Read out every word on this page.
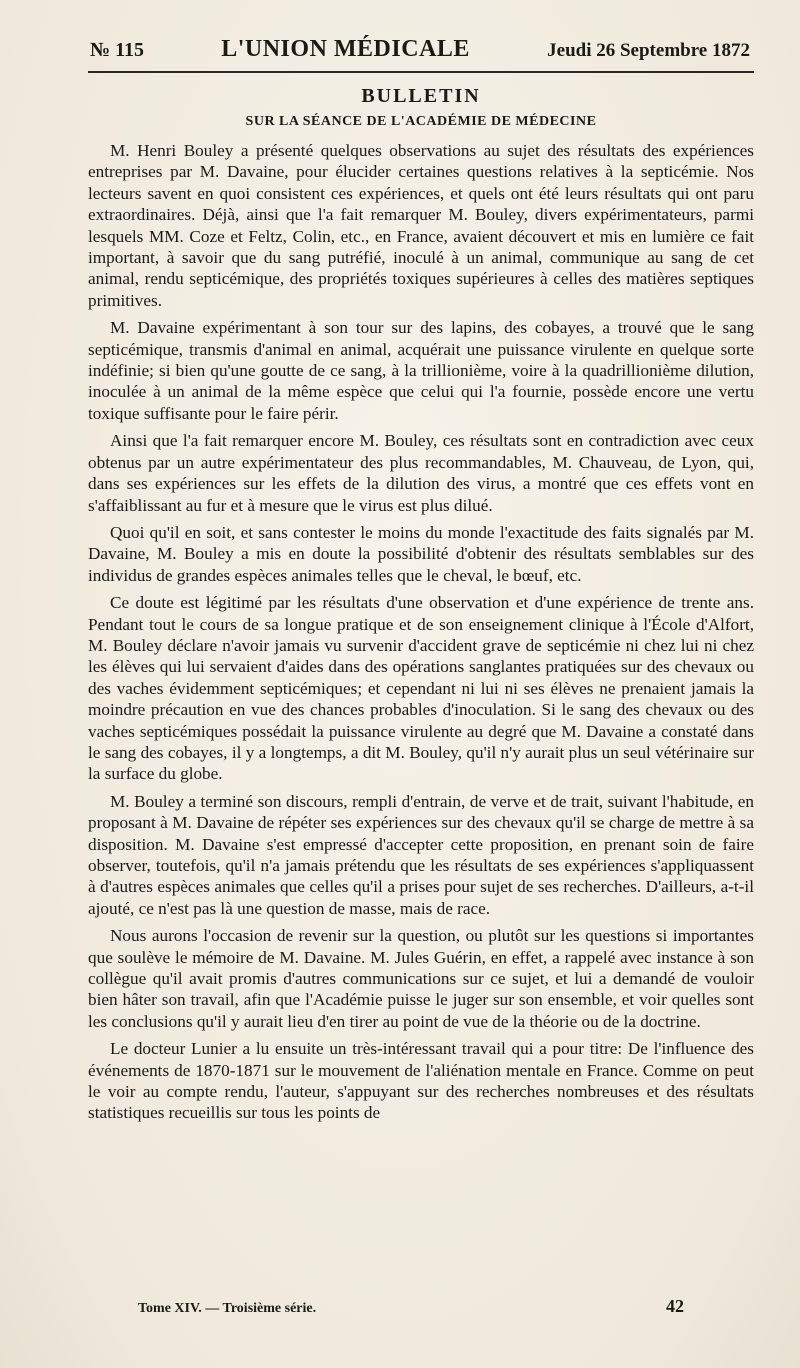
№ 115	L'UNION MÉDICALE	Jeudi 26 Septembre 1872
BULLETIN
SUR LA SÉANCE DE L'ACADÉMIE DE MÉDECINE

M. Henri Bouley a présenté quelques observations au sujet des résultats des expériences entreprises par M. Davaine, pour élucider certaines questions relatives à la septicémie. Nos lecteurs savent en quoi consistent ces expériences, et quels ont été leurs résultats qui ont paru extraordinaires. Déjà, ainsi que l'a fait remarquer M. Bouley, divers expérimentateurs, parmi lesquels MM. Coze et Feltz, Colin, etc., en France, avaient découvert et mis en lumière ce fait important, à savoir que du sang putréfié, inoculé à un animal, communique au sang de cet animal, rendu septicémique, des propriétés toxiques supérieures à celles des matières septiques primitives.

M. Davaine expérimentant à son tour sur des lapins, des cobayes, a trouvé que le sang septicémique, transmis d'animal en animal, acquérait une puissance virulente en quelque sorte indéfinie; si bien qu'une goutte de ce sang, à la trillionième, voire à la quadrillionième dilution, inoculée à un animal de la même espèce que celui qui l'a fournie, possède encore une vertu toxique suffisante pour le faire périr.

Ainsi que l'a fait remarquer encore M. Bouley, ces résultats sont en contradiction avec ceux obtenus par un autre expérimentateur des plus recommandables, M. Chauveau, de Lyon, qui, dans ses expériences sur les effets de la dilution des virus, a montré que ces effets vont en s'affaiblissant au fur et à mesure que le virus est plus dilué.

Quoi qu'il en soit, et sans contester le moins du monde l'exactitude des faits signalés par M. Davaine, M. Bouley a mis en doute la possibilité d'obtenir des résultats semblables sur des individus de grandes espèces animales telles que le cheval, le bœuf, etc.

Ce doute est légitimé par les résultats d'une observation et d'une expérience de trente ans. Pendant tout le cours de sa longue pratique et de son enseignement clinique à l'École d'Alfort, M. Bouley déclare n'avoir jamais vu survenir d'accident grave de septicémie ni chez lui ni chez les élèves qui lui servaient d'aides dans des opérations sanglantes pratiquées sur des chevaux ou des vaches évidemment septicémiques; et cependant ni lui ni ses élèves ne prenaient jamais la moindre précaution en vue des chances probables d'inoculation. Si le sang des chevaux ou des vaches septicémiques possédait la puissance virulente au degré que M. Davaine a constaté dans le sang des cobayes, il y a longtemps, a dit M. Bouley, qu'il n'y aurait plus un seul vétérinaire sur la surface du globe.

M. Bouley a terminé son discours, rempli d'entrain, de verve et de trait, suivant l'habitude, en proposant à M. Davaine de répéter ses expériences sur des chevaux qu'il se charge de mettre à sa disposition. M. Davaine s'est empressé d'accepter cette proposition, en prenant soin de faire observer, toutefois, qu'il n'a jamais prétendu que les résultats de ses expériences s'appliquassent à d'autres espèces animales que celles qu'il a prises pour sujet de ses recherches. D'ailleurs, a-t-il ajouté, ce n'est pas là une question de masse, mais de race.

Nous aurons l'occasion de revenir sur la question, ou plutôt sur les questions si importantes que soulève le mémoire de M. Davaine. M. Jules Guérin, en effet, a rappelé avec instance à son collègue qu'il avait promis d'autres communications sur ce sujet, et lui a demandé de vouloir bien hâter son travail, afin que l'Académie puisse le juger sur son ensemble, et voir quelles sont les conclusions qu'il y aurait lieu d'en tirer au point de vue de la théorie ou de la doctrine.

Le docteur Lunier a lu ensuite un très-intéressant travail qui a pour titre: De l'influence des événements de 1870-1871 sur le mouvement de l'aliénation mentale en France. Comme on peut le voir au compte rendu, l'auteur, s'appuyant sur des recherches nombreuses et des résultats statistiques recueillis sur tous les points de

Tome XIV. — Troisième série.	42
